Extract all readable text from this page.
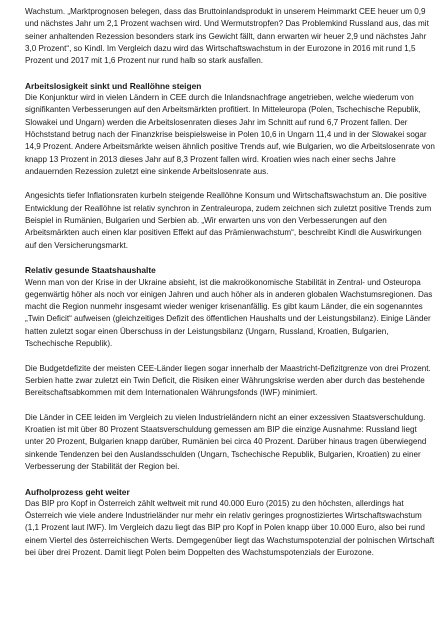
Wachstum. „Marktprognosen belegen, dass das Bruttoinlandsprodukt in unserem Heimmarkt CEE heuer um 0,9 und nächstes Jahr um 2,1 Prozent wachsen wird. Und Wermutstropfen? Das Problemkind Russland aus, das mit seiner anhaltenden Rezession besonders stark ins Gewicht fällt, dann erwarten wir heuer 2,9 und nächstes Jahr 3,0 Prozent“, so Kindl. Im Vergleich dazu wird das Wirtschaftswachstum in der Eurozone in 2016 mit rund 1,5 Prozent und 2017 mit 1,6 Prozent nur rund halb so stark ausfallen.

Arbeitslosigkeit sinkt und Reallöhne steigen

Die Konjunktur wird in vielen Ländern in CEE durch die Inlandsnachfrage angetrieben, welche wiederum von signifikanten Verbesserungen auf den Arbeitsmärkten profitiert. In Mitteleuropa (Polen, Tschechische Republik, Slowakei und Ungarn) werden die Arbeitslosenraten dieses Jahr im Schnitt auf rund 6,7 Prozent fallen. Der Höchststand betrug nach der Finanzkrise beispielsweise in Polen 10,6 in Ungarn 11,4 und in der Slowakei sogar 14,9 Prozent. Andere Arbeitsmärkte weisen ähnlich positive Trends auf, wie Bulgarien, wo die Arbeitslosenrate von knapp 13 Prozent in 2013 dieses Jahr auf 8,3 Prozent fallen wird. Kroatien wies nach einer sechs Jahre andauernden Rezession zuletzt eine sinkende Arbeitslosenrate aus.

Angesichts tiefer Inflationsraten kurbeln steigende Reallöhne Konsum und Wirtschaftswachstum an. Die positive Entwicklung der Reallöhne ist relativ synchron in Zentraleuropa, zudem zeichnen sich zuletzt positive Trends zum Beispiel in Rumänien, Bulgarien und Serbien ab. „Wir erwarten uns von den Verbesserungen auf den Arbeitsmärkten auch einen klar positiven Effekt auf das Prämienwachstum“, beschreibt Kindl die Auswirkungen auf den Versicherungsmarkt.

Relativ gesunde Staatshaushalte

Wenn man von der Krise in der Ukraine absieht, ist die makroökonomische Stabilität in Zentral- und Osteuropa gegenwärtig höher als noch vor einigen Jahren und auch höher als in anderen globalen Wachstumsregionen. Das macht die Region nunmehr insgesamt wieder weniger krisenanfällig. Es gibt kaum Länder, die ein sogenanntes „Twin Deficit“ aufweisen (gleichzeitiges Defizit des öffentlichen Haushalts und der Leistungsbilanz). Einige Länder hatten zuletzt sogar einen Überschuss in der Leistungsbilanz (Ungarn, Russland, Kroatien, Bulgarien, Tschechische Republik).

Die Budgetdefizite der meisten CEE-Länder liegen sogar innerhalb der Maastricht-Defizitgrenze von drei Prozent. Serbien hatte zwar zuletzt ein Twin Deficit, die Risiken einer Währungskrise werden aber durch das bestehende Bereitschaftsabkommen mit dem Internationalen Währungsfonds (IWF) minimiert.

Die Länder in CEE leiden im Vergleich zu vielen Industrieländern nicht an einer exzessiven Staatsverschuldung. Kroatien ist mit über 80 Prozent Staatsverschuldung gemessen am BIP die einzige Ausnahme: Russland liegt unter 20 Prozent, Bulgarien knapp darüber, Rumänien bei circa 40 Prozent. Darüber hinaus tragen überwiegend sinkende Tendenzen bei den Auslandsschulden (Ungarn, Tschechische Republik, Bulgarien, Kroatien) zu einer Verbesserung der Stabilität der Region bei.

Aufholprozess geht weiter

Das BIP pro Kopf in Österreich zählt weltweit mit rund 40.000 Euro (2015) zu den höchsten, allerdings hat Österreich wie viele andere Industrieländer nur mehr ein relativ geringes prognostiziertes Wirtschaftswachstum (1,1 Prozent laut IWF). Im Vergleich dazu liegt das BIP pro Kopf in Polen knapp über 10.000 Euro, also bei rund einem Viertel des österreichischen Werts. Demgegenüber liegt das Wachstumspotenzial der polnischen Wirtschaft bei über drei Prozent. Damit liegt Polen beim Doppelten des Wachstumspotenzials der Eurozone.
